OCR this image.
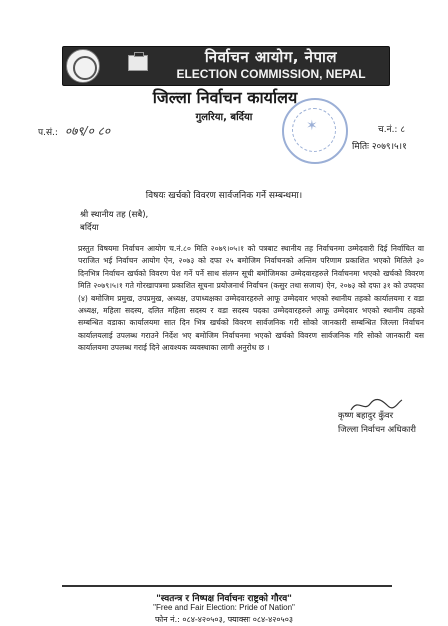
निर्वाचन आयोग, नेपाल
ELECTION COMMISSION, NEPAL
जिल्ला निर्वाचन कार्यालय
गुलरिया, बर्दिया
प.सं.: ०७९/० ८०	च.नं.: ८
✶
मितिः २०७९।५।१
विषयः खर्चको विवरण सार्वजनिक गर्ने सम्बन्धमा।
श्री स्थानीय तह (सबै),
बर्दिया
प्रस्तुत विषयमा निर्वाचन आयोग च.नं.८० मिति २०७९।०५।१ को पत्रबाट स्थानीय तह निर्वाचनमा उम्मेदवारी दिई निर्वाचित वा पराजित भई निर्वाचन आयोग ऐन, २०७३ को दफा २५ बमोजिम निर्वाचनको अन्तिम परिणाम प्रकाशित भएको मितिले ३० दिनभित्र निर्वाचन खर्चको विवरण पेश गर्ने पर्ने साथ संलग्न सूची बमोजिमका उम्मेदवारहरुले निर्वाचनमा भएको खर्चको विवरण मिति २०७९।५।१ गते गोरखापत्रमा प्रकाशित सूचना प्रयोजनार्थ निर्वाचन (कसुर तथा सजाय) ऐन, २०७३ को दफा ३१ को उपदफा (४) बमोजिम प्रमुख, उपप्रमुख, अध्यक्ष, उपाध्यक्षका उम्मेदवारहरुले आफू उम्मेदवार भएको स्थानीय तहको कार्यालयमा र वडा अध्यक्ष, महिला सदस्य, दलित महिला सदस्य र वडा सदस्य पदका उम्मेदवारहरुले आफू उम्मेदवार भएको स्थानीय तहको सम्बन्धित वडाका कार्यालयमा सात दिन भित्र खर्चको विवरण सार्वजनिक गरी सोको जानकारी सम्बन्धित जिल्ला निर्वाचन कार्यालयलाई उपलब्ध गराउने निर्देश भए बमोजिम निर्वाचनमा भएको खर्चको विवरण सार्वजनिक गरि सोको जानकारी यस कार्यालयमा उपलब्ध गराई दिने आवश्यक व्यवस्थाका लागी अनुरोध छ ।
कृष्ण बहादुर कुँवर
जिल्ला निर्वाचन अधिकारी
"स्वतन्त्र र निष्पक्ष निर्वाचनः राष्ट्रको गौरव"
"Free and Fair Election: Pride of Nation"
फोन नं.: ०८४-४२०५०३, फ्याक्सः ०८४-४२०५०३
